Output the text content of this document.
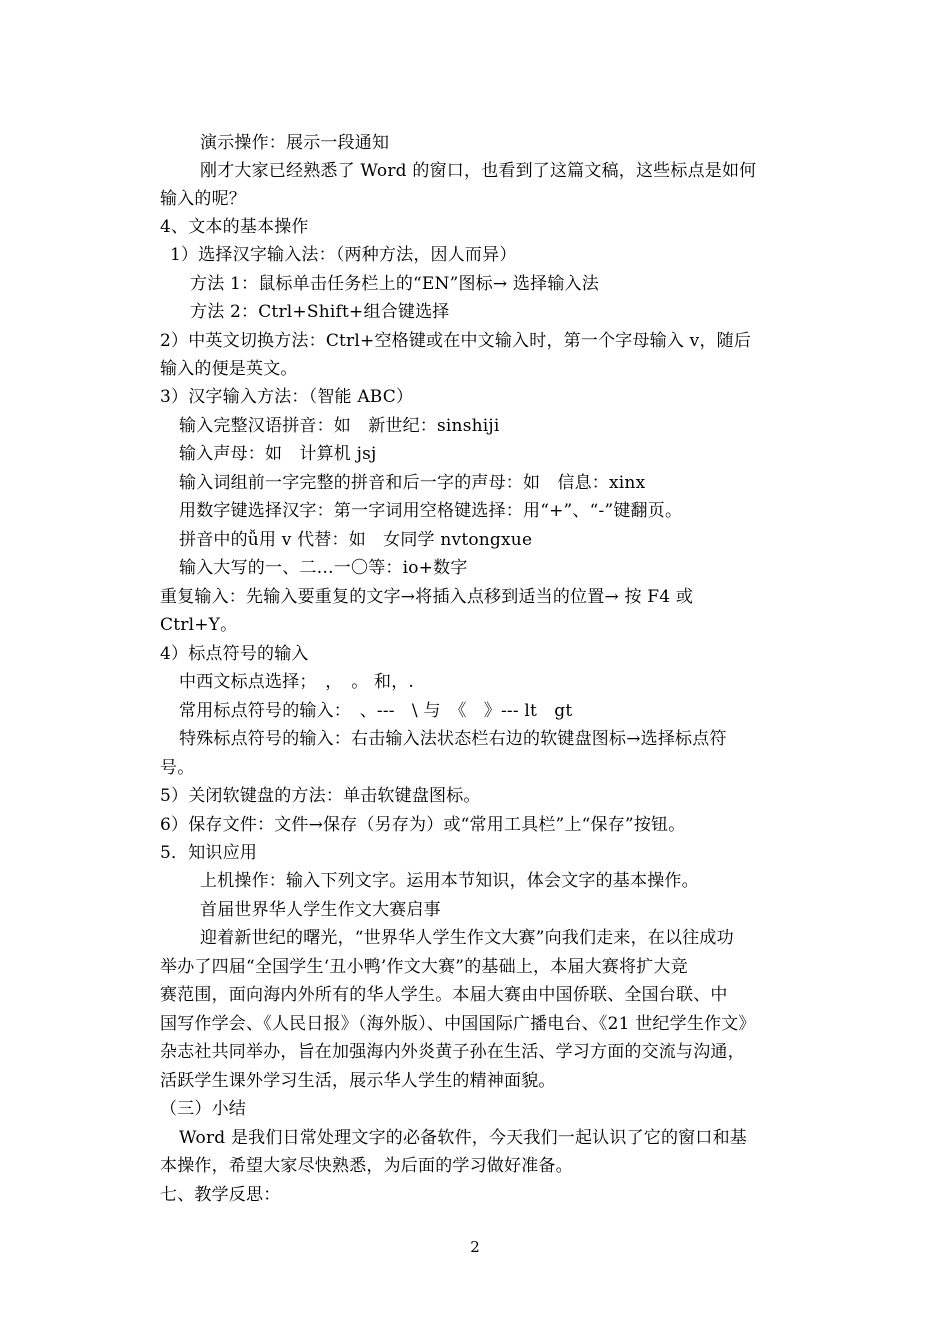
演示操作：展示一段通知
刚才大家已经熟悉了 Word 的窗口，也看到了这篇文稿，这些标点是如何
输入的呢？
4、文本的基本操作
1）选择汉字输入法：（两种方法，因人而异）
方法 1：鼠标单击任务栏上的“EN”图标→ 选择输入法
方法 2：Ctrl+Shift+组合键选择
2）中英文切换方法：Ctrl+空格键或在中文输入时，第一个字母输入 v，随后
输入的便是英文。
3）汉字输入方法：（智能 ABC）
输入完整汉语拼音：如　新世纪：sinshiji
输入声母：如　计算机 jsj
输入词组前一字完整的拼音和后一字的声母：如　信息：xinx
用数字键选择汉字：第一字词用空格键选择：用“+”、“-”键翻页。
拼音中的ǚ用 v 代替：如　女同学 nvtongxue
输入大写的一、二…一〇等：io+数字
重复输入：先输入要重复的文字→将插入点移到适当的位置→ 按 F4 或
Ctrl+Y。
4）标点符号的输入
中西文标点选择；　，　。 和，.
常用标点符号的输入：　、---　\ 与　《　》--- lt　gt
特殊标点符号的输入：右击输入法状态栏右边的软键盘图标→选择标点符
号。
5）关闭软键盘的方法：单击软键盘图标。
6）保存文件：文件→保存（另存为）或“常用工具栏”上“保存”按钮。
5．知识应用
上机操作：输入下列文字。运用本节知识，体会文字的基本操作。
首届世界华人学生作文大赛启事
迎着新世纪的曙光，“世界华人学生作文大赛”向我们走来，在以往成功
举办了四届“全国学生‘丑小鸭’作文大赛”的基础上，本届大赛将扩大竞
赛范围，面向海内外所有的华人学生。本届大赛由中国侨联、全国台联、中
国写作学会、《人民日报》（海外版）、中国国际广播电台、《21 世纪学生作文》
杂志社共同举办，旨在加强海内外炎黄子孙在生活、学习方面的交流与沟通，
活跃学生课外学习生活，展示华人学生的精神面貌。
（三）小结
Word 是我们日常处理文字的必备软件，今天我们一起认识了它的窗口和基
本操作，希望大家尽快熟悉，为后面的学习做好准备。
七、教学反思：
2
